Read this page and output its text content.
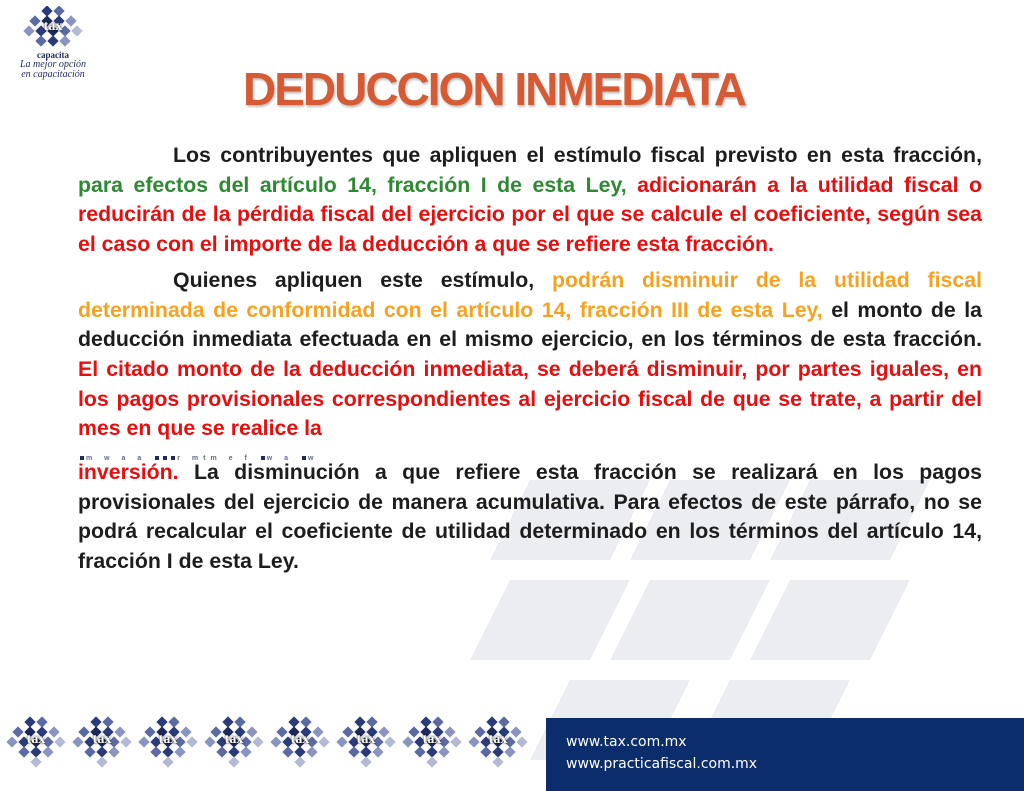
tax
capacita
La mejor opción
en capacitación	DEDUCCION INMEDIATA

Los contribuyentes que apliquen el estímulo fiscal previsto en esta fracción, para efectos del artículo 14, fracción I de esta Ley, adicionarán a la utilidad fiscal o reducirán de la pérdida fiscal del ejercicio por el que se calcule el coeficiente, según sea el caso con el importe de la deducción a que se refiere esta fracción.

Quienes apliquen este estímulo, podrán disminuir de la utilidad fiscal determinada de conformidad con el artículo 14, fracción III de esta Ley, el monto de la deducción inmediata efectuada en el mismo ejercicio, en los términos de esta fracción. El citado monto de la deducción inmediata, se deberá disminuir, por partes iguales, en los pagos provisionales correspondientes al ejercicio fiscal de que se trate, a partir del mes en que se realice la

m w a a	r mtm e f w a w

inversión. La disminución a que refiere esta fracción se realizará en los pagos provisionales del ejercicio de manera acumulativa. Para efectos de este párrafo, no se podrá recalcular el coeficiente de utilidad determinado en los términos del artículo 14, fracción I de esta Ley.

tax	tax	tax	tax	tax	tax	tax	tax	www.tax.com.mx
www.practicafiscal.com.mx
